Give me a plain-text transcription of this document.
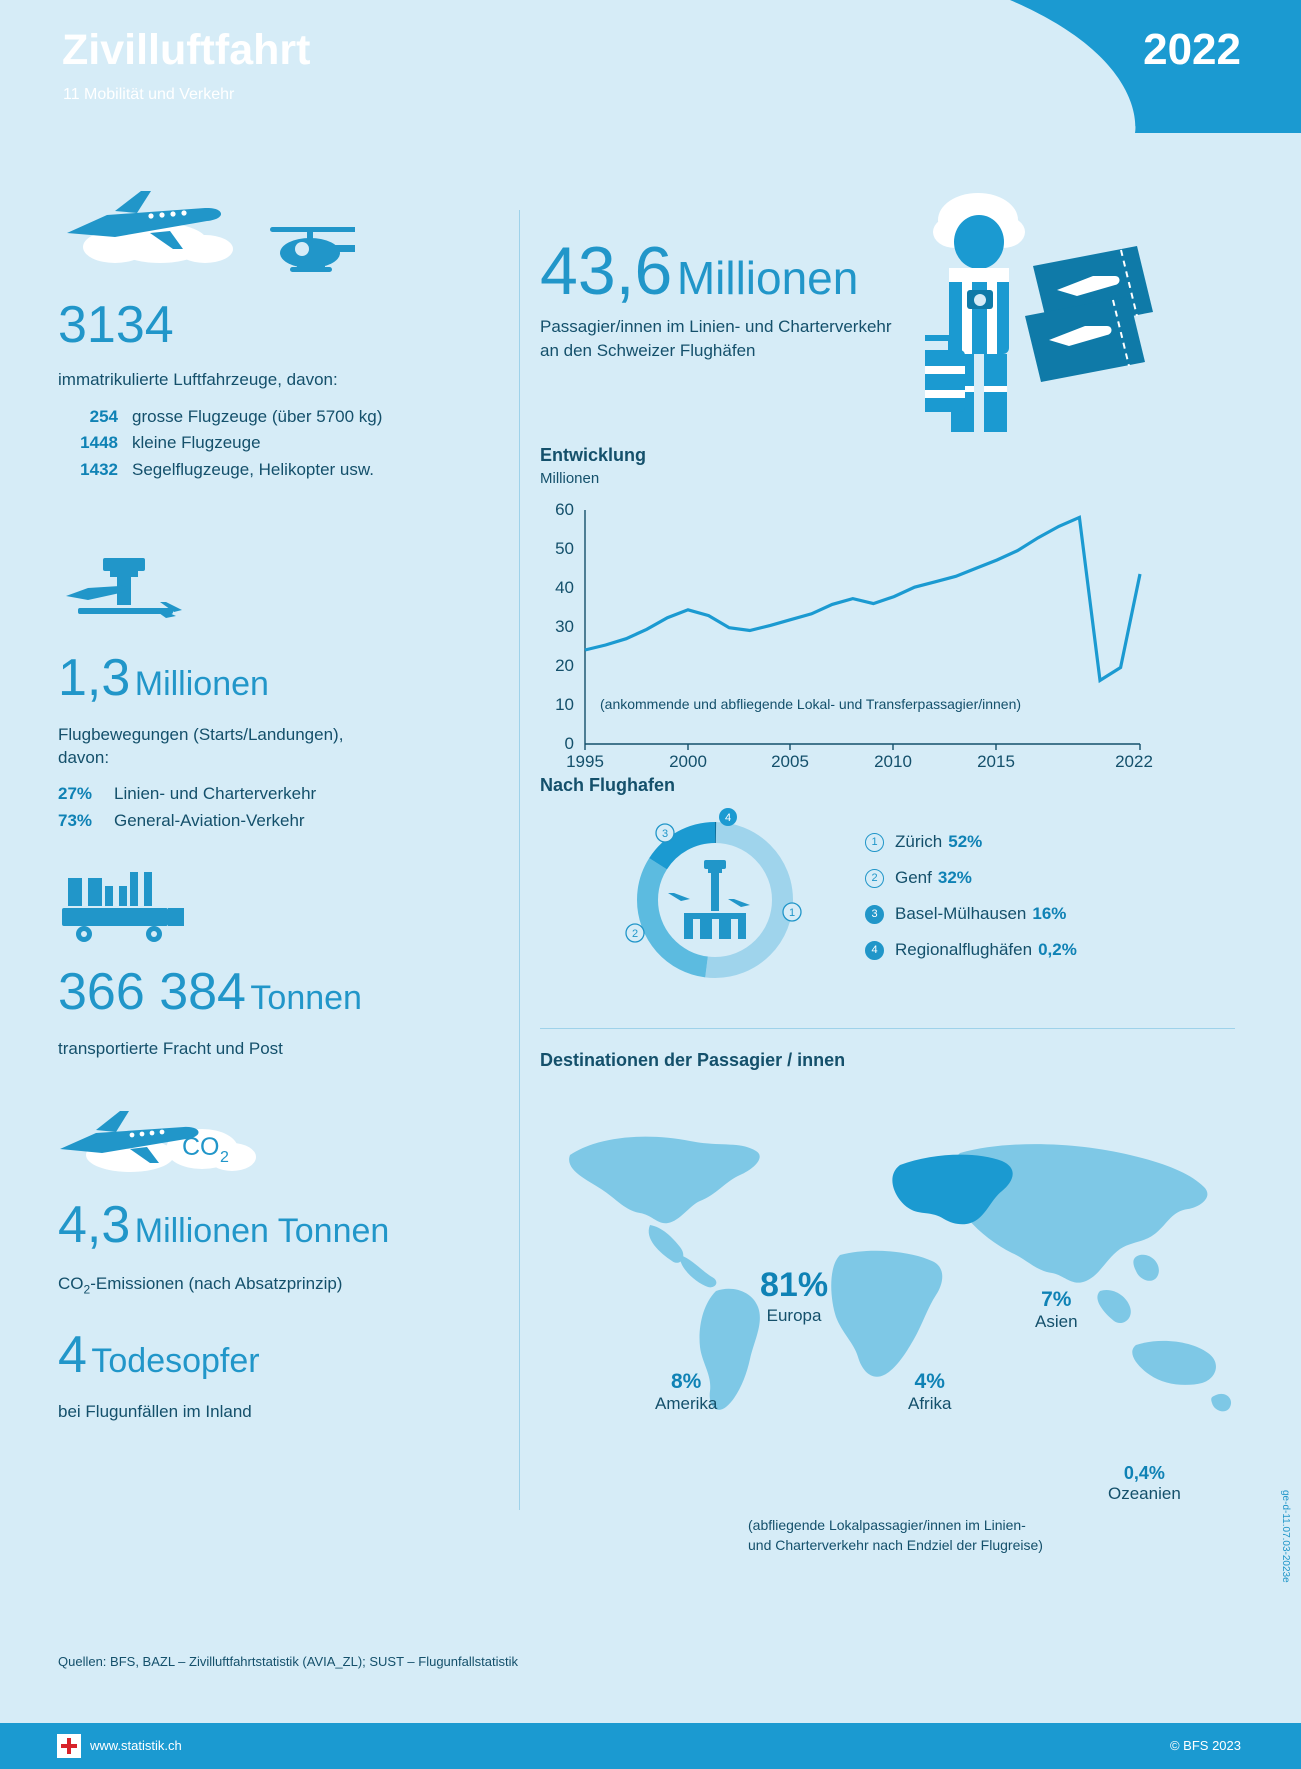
Zivilluftfahrt
11 Mobilität und Verkehr
2022
3134
immatrikulierte Luftfahrzeuge, davon:
254 grosse Flugzeuge (über 5700 kg)
1448 kleine Flugzeuge
1432 Segelflugzeuge, Helikopter usw.
1,3 Millionen
Flugbewegungen (Starts/Landungen),
davon:
27%	Linien- und Charterverkehr
73%	General-Aviation-Verkehr
366 384 Tonnen
transportierte Fracht und Post
CO 2
4,3 Millionen Tonnen
$CO_2$-Emissionen (nach Absatzprinzip)
4 Todesopfer
bei Flugunfällen im Inland
43,6 Millionen
Passagier/innen im Linien- und Charterverkehr
an den Schweizer Flughäfen
Entwicklung
Millionen
60
50
40
30
20
10
0
1995	2000	2005	2010	2015	2022
(ankommende und abfliegende Lokal- und Transferpassagier/innen)
Nach Flughafen
1
2
3
4
1	Zürich 52%
2	Genf 32%
3	Basel-Mülhausen 16%
4	Regionalflughäfen 0,2%
Destinationen der Passagier / innen
81%
Europa
8%
Amerika
7%
Asien
4%
Afrika
0,4%
Ozeanien
(abfliegende Lokalpassagier/innen im Linien-
und Charterverkehr nach Endziel der Flugreise)	ge-d-11.07.03-2023e
Quellen: BFS, BAZL – Zivilluftfahrtstatistik (AVIA_ZL); SUST – Flugunfallstatistik
www.statistik.ch	© BFS 2023
